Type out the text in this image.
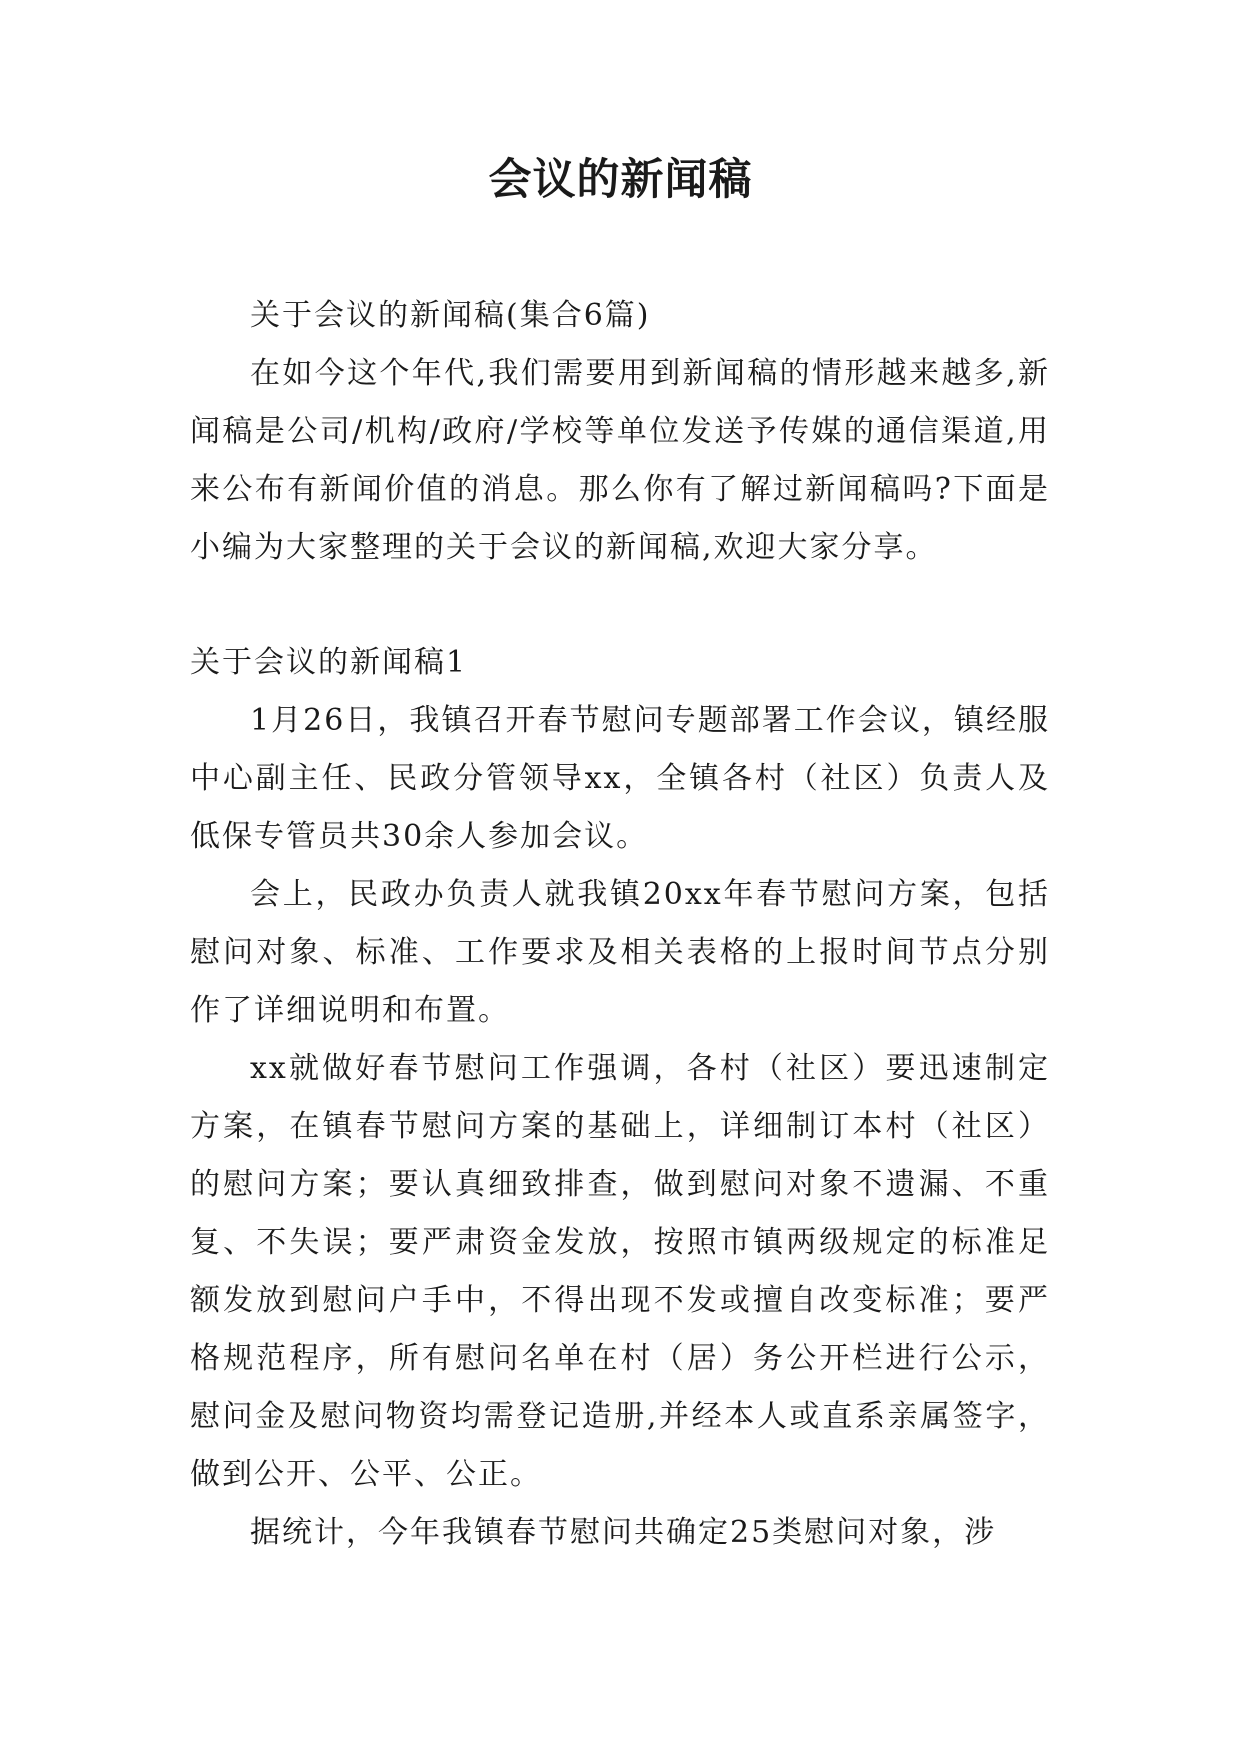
会议的新闻稿

关于会议的新闻稿(集合6篇)

在如今这个年代,我们需要用到新闻稿的情形越来越多,新闻稿是公司/机构/政府/学校等单位发送予传媒的通信渠道,用来公布有新闻价值的消息。那么你有了解过新闻稿吗?下面是小编为大家整理的关于会议的新闻稿,欢迎大家分享。

关于会议的新闻稿1

1月26日，我镇召开春节慰问专题部署工作会议，镇经服中心副主任、民政分管领导xx，全镇各村（社区）负责人及低保专管员共30余人参加会议。

会上，民政办负责人就我镇20xx年春节慰问方案，包括慰问对象、标准、工作要求及相关表格的上报时间节点分别作了详细说明和布置。

xx就做好春节慰问工作强调，各村（社区）要迅速制定方案，在镇春节慰问方案的基础上，详细制订本村（社区）的慰问方案；要认真细致排查，做到慰问对象不遗漏、不重复、不失误；要严肃资金发放，按照市镇两级规定的标准足额发放到慰问户手中，不得出现不发或擅自改变标准；要严格规范程序，所有慰问名单在村（居）务公开栏进行公示，慰问金及慰问物资均需登记造册,并经本人或直系亲属签字，做到公开、公平、公正。

据统计，今年我镇春节慰问共确定25类慰问对象，涉
